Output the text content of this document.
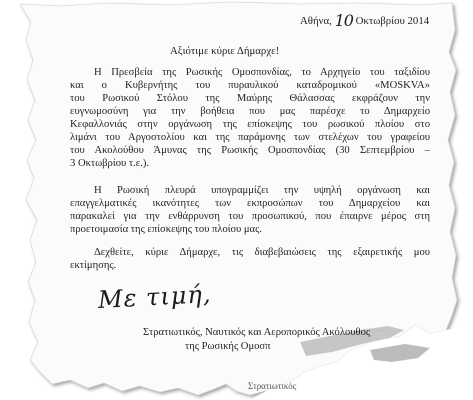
Αθήνα, 10 Οκτωβρίου 2014
Αξιότιμε κύριε Δήμαρχε!
Η Πρεσβεία της Ρωσικής Ομοσπονδίας, το Αρχηγείο του ταξιδίου
και ο Κυβερνήτης του πυραυλικού καταδρομικού «MOSKVA»
του Ρωσικού Στόλου της Μαύρης Θάλασσας εκφράζουν την
ευγνωμοσύνη για την βοήθεια που μας παρέσχε το Δημαρχείο
Κεφαλλονιάς στην οργάνωση της επίσκεψης του ρωσικού πλοίου στο
λιμάνι του Αργοστολίου και της παράμονης των στελέχων του γραφείου
του Ακολούθου Άμυνας της Ρωσικής Ομοσπονδίας (30 Σεπτεμβρίου –
3 Οκτωβρίου τ.ε.).
Η Ρωσική πλευρά υπογραμμίζει την υψηλή οργάνωση και
επαγγελματικές ικανότητες των εκπροσώπων του Δημαρχείου και
παρακαλεί για την ενθάρρυνση του προσωπικού, που έπαιρνε μέρος στη
προετοιμασία της επίσκεψης του πλοίου μας.
Δεχθείτε, κύριε Δήμαρχε, τις διαβεβαιώσεις της εξαιρετικής μου
εκτίμησης.
Με τιμή,
Στρατιωτικός, Ναυτικός και Αεροπορικός Ακόλουθος
της Ρωσικής Ομοσπ
Στρατιωτικός
